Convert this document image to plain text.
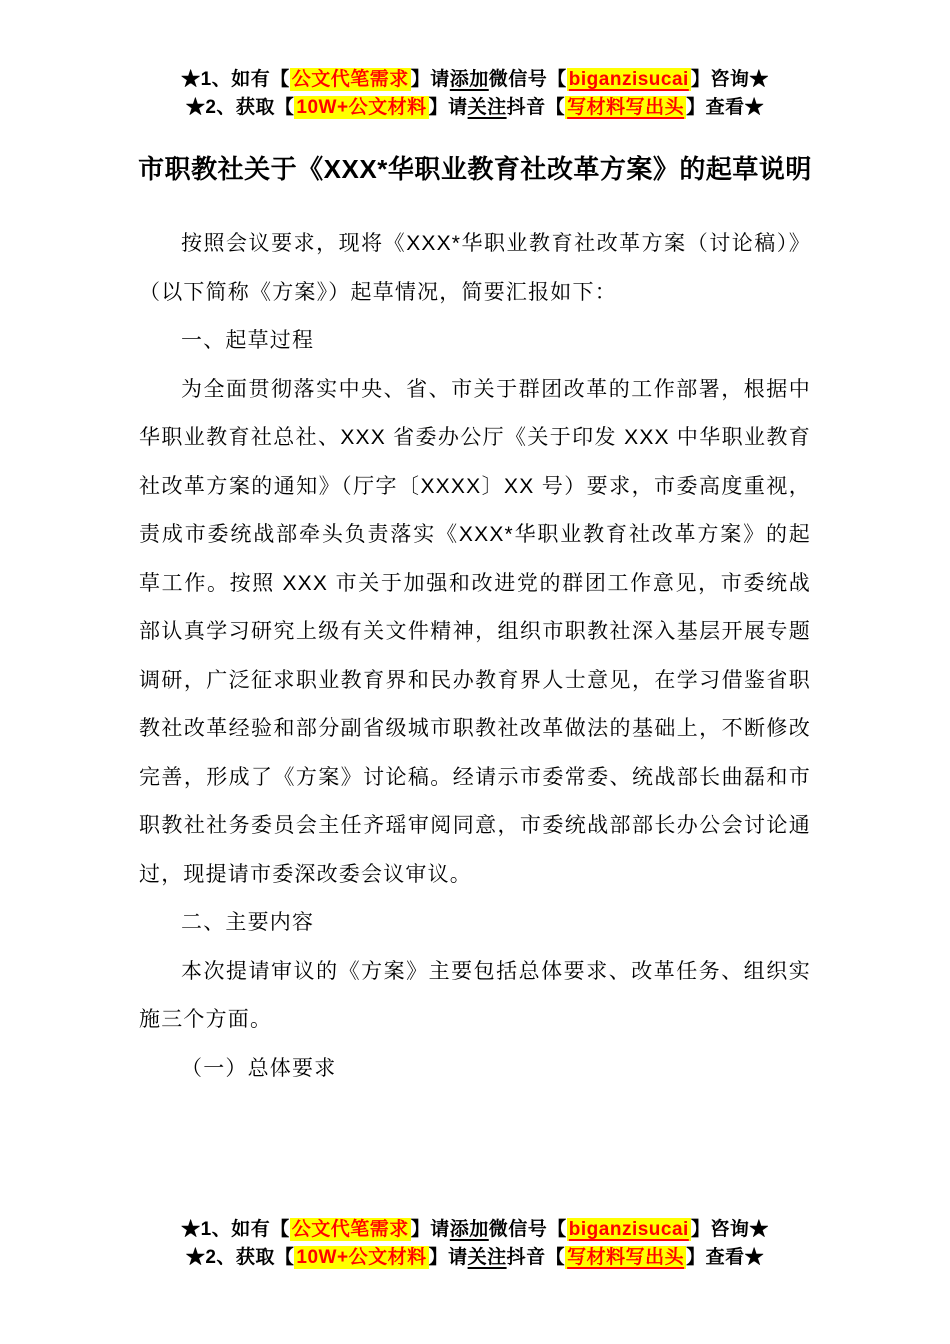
★1、如有【 公文代笔需求 】请添加微信号【 biganzisucai 】咨询★
★2、获取【 10W+公文材料 】请关注抖音【 写材料写出头 】查看★
市职教社关于《XXX*华职业教育社改革方案》的起草说明

按照会议要求，现将《XXX*华职业教育社改革方案（讨论稿）》（以下简称《方案》）起草情况，简要汇报如下：

一、起草过程

为全面贯彻落实中央、省、市关于群团改革的工作部署，根据中华职业教育社总社、XXX 省委办公厅《关于印发 XXX 中华职业教育社改革方案的通知》（厅字〔XXXX〕XX 号）要求，市委高度重视，责成市委统战部牵头负责落实《XXX*华职业教育社改革方案》的起草工作。按照 XXX 市关于加强和改进党的群团工作意见，市委统战部认真学习研究上级有关文件精神，组织市职教社深入基层开展专题调研，广泛征求职业教育界和民办教育界人士意见，在学习借鉴省职教社改革经验和部分副省级城市职教社改革做法的基础上，不断修改完善，形成了《方案》讨论稿。经请示市委常委、统战部长曲磊和市职教社社务委员会主任齐瑶审阅同意，市委统战部部长办公会讨论通过，现提请市委深改委会议审议。

二、主要内容

本次提请审议的《方案》主要包括总体要求、改革任务、组织实施三个方面。

（一）总体要求

★1、如有【 公文代笔需求 】请添加微信号【 biganzisucai 】咨询★
★2、获取【 10W+公文材料 】请关注抖音【 写材料写出头 】查看★
